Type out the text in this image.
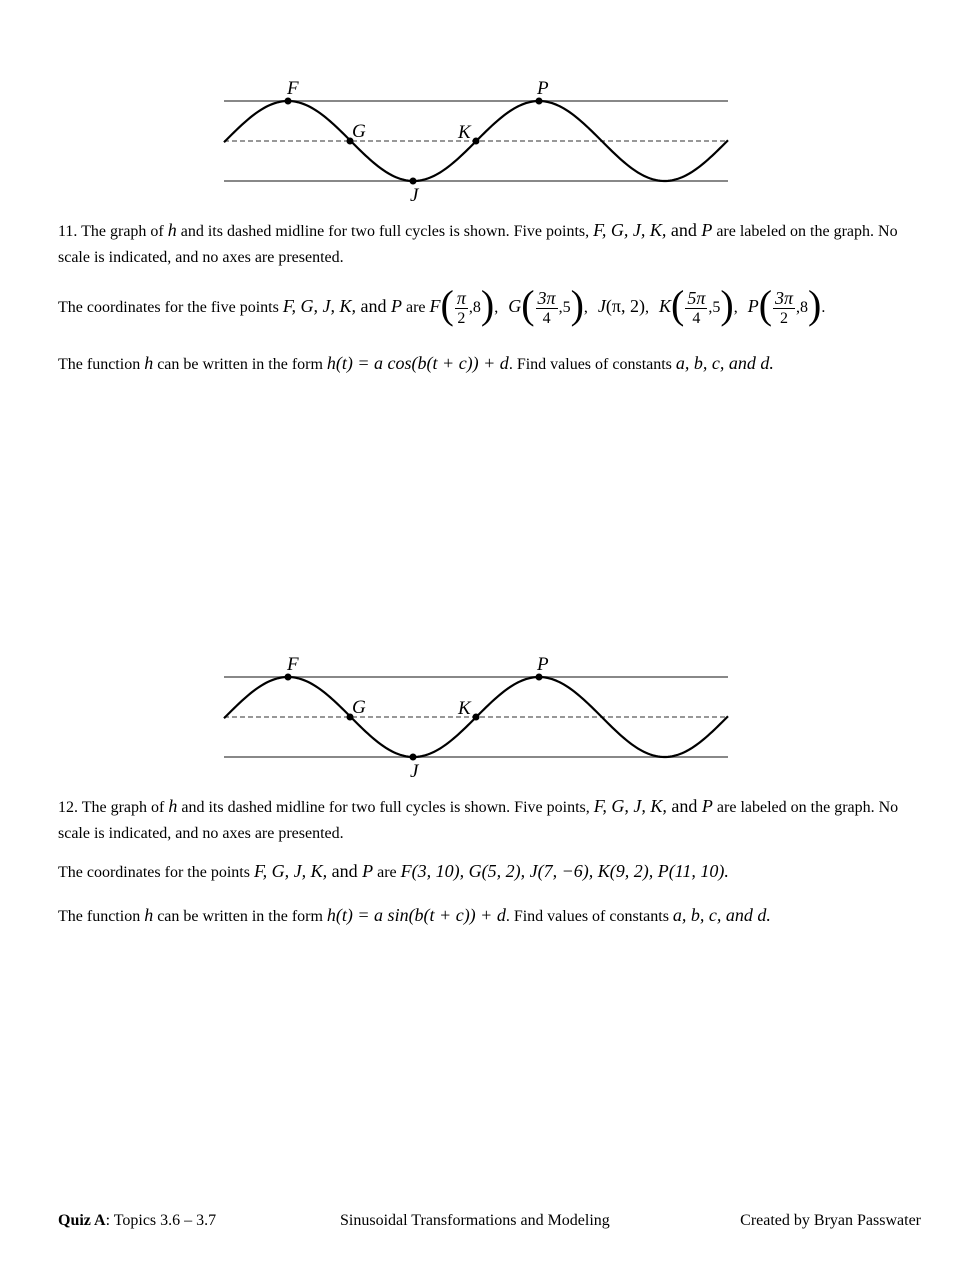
F
G	K
P
J

11. The graph of h and its dashed midline for two full cycles is shown. Five points, F, G, J, K, and P are labeled on the graph. No scale is indicated, and no axes are presented.

The coordinates for the five points F, G, J, K, and P are $F( \frac{\pi}{2} ,8)$, $G( \frac{3\pi}{4} ,5)$, J(π, 2), $K( \frac{5\pi}{4} ,5)$, $P( \frac{3\pi}{2} ,8)$.

The function h can be written in the form h(t) = a cos(b(t + c)) + d. Find values of constants a, b, c, and d.

F
G	K
P
J

12. The graph of h and its dashed midline for two full cycles is shown. Five points, F, G, J, K, and P are labeled on the graph. No scale is indicated, and no axes are presented.

The coordinates for the points F, G, J, K, and P are F(3, 10), G(5, 2), J(7, −6), K(9, 2), P(11, 10).

The function h can be written in the form h(t) = a sin(b(t + c)) + d. Find values of constants a, b, c, and d.

Quiz A: Topics 3.6 – 3.7	Sinusoidal Transformations and Modeling	Created by Bryan Passwater
